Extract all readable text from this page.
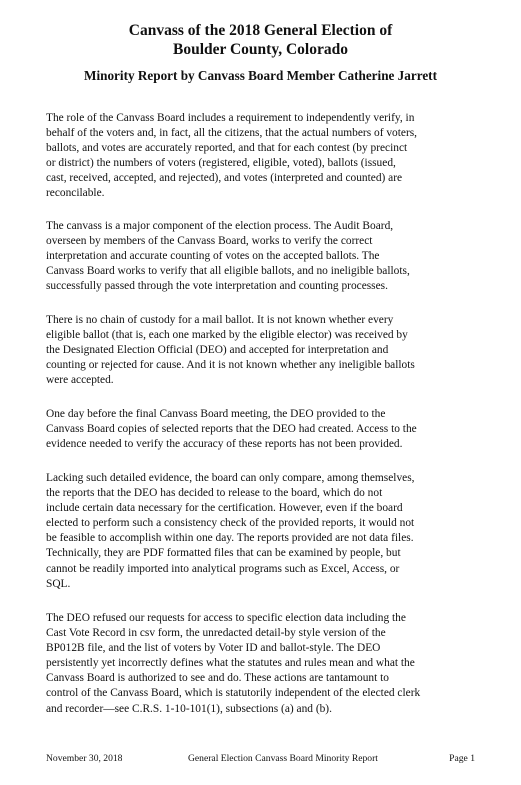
Canvass of the 2018 General Election of
Boulder County, Colorado
Minority Report by Canvass Board Member Catherine Jarrett

The role of the Canvass Board includes a requirement to independently verify, in
behalf of the voters and, in fact, all the citizens, that the actual numbers of voters,
ballots, and votes are accurately reported, and that for each contest (by precinct
or district) the numbers of voters (registered, eligible, voted), ballots (issued,
cast, received, accepted, and rejected), and votes (interpreted and counted) are
reconcilable.

The canvass is a major component of the election process. The Audit Board,
overseen by members of the Canvass Board, works to verify the correct
interpretation and accurate counting of votes on the accepted ballots. The
Canvass Board works to verify that all eligible ballots, and no ineligible ballots,
successfully passed through the vote interpretation and counting processes.

There is no chain of custody for a mail ballot. It is not known whether every
eligible ballot (that is, each one marked by the eligible elector) was received by
the Designated Election Official (DEO) and accepted for interpretation and
counting or rejected for cause. And it is not known whether any ineligible ballots
were accepted.

One day before the final Canvass Board meeting, the DEO provided to the
Canvass Board copies of selected reports that the DEO had created. Access to the
evidence needed to verify the accuracy of these reports has not been provided.

Lacking such detailed evidence, the board can only compare, among themselves,
the reports that the DEO has decided to release to the board, which do not
include certain data necessary for the certification. However, even if the board
elected to perform such a consistency check of the provided reports, it would not
be feasible to accomplish within one day. The reports provided are not data files.
Technically, they are PDF formatted files that can be examined by people, but
cannot be readily imported into analytical programs such as Excel, Access, or
SQL.

The DEO refused our requests for access to specific election data including the
Cast Vote Record in csv form, the unredacted detail-by style version of the
BP012B file, and the list of voters by Voter ID and ballot-style. The DEO
persistently yet incorrectly defines what the statutes and rules mean and what the
Canvass Board is authorized to see and do. These actions are tantamount to
control of the Canvass Board, which is statutorily independent of the elected clerk
and recorder—see C.R.S. 1-10-101(1), subsections (a) and (b).

November 30, 2018	General Election Canvass Board Minority Report	Page 1
